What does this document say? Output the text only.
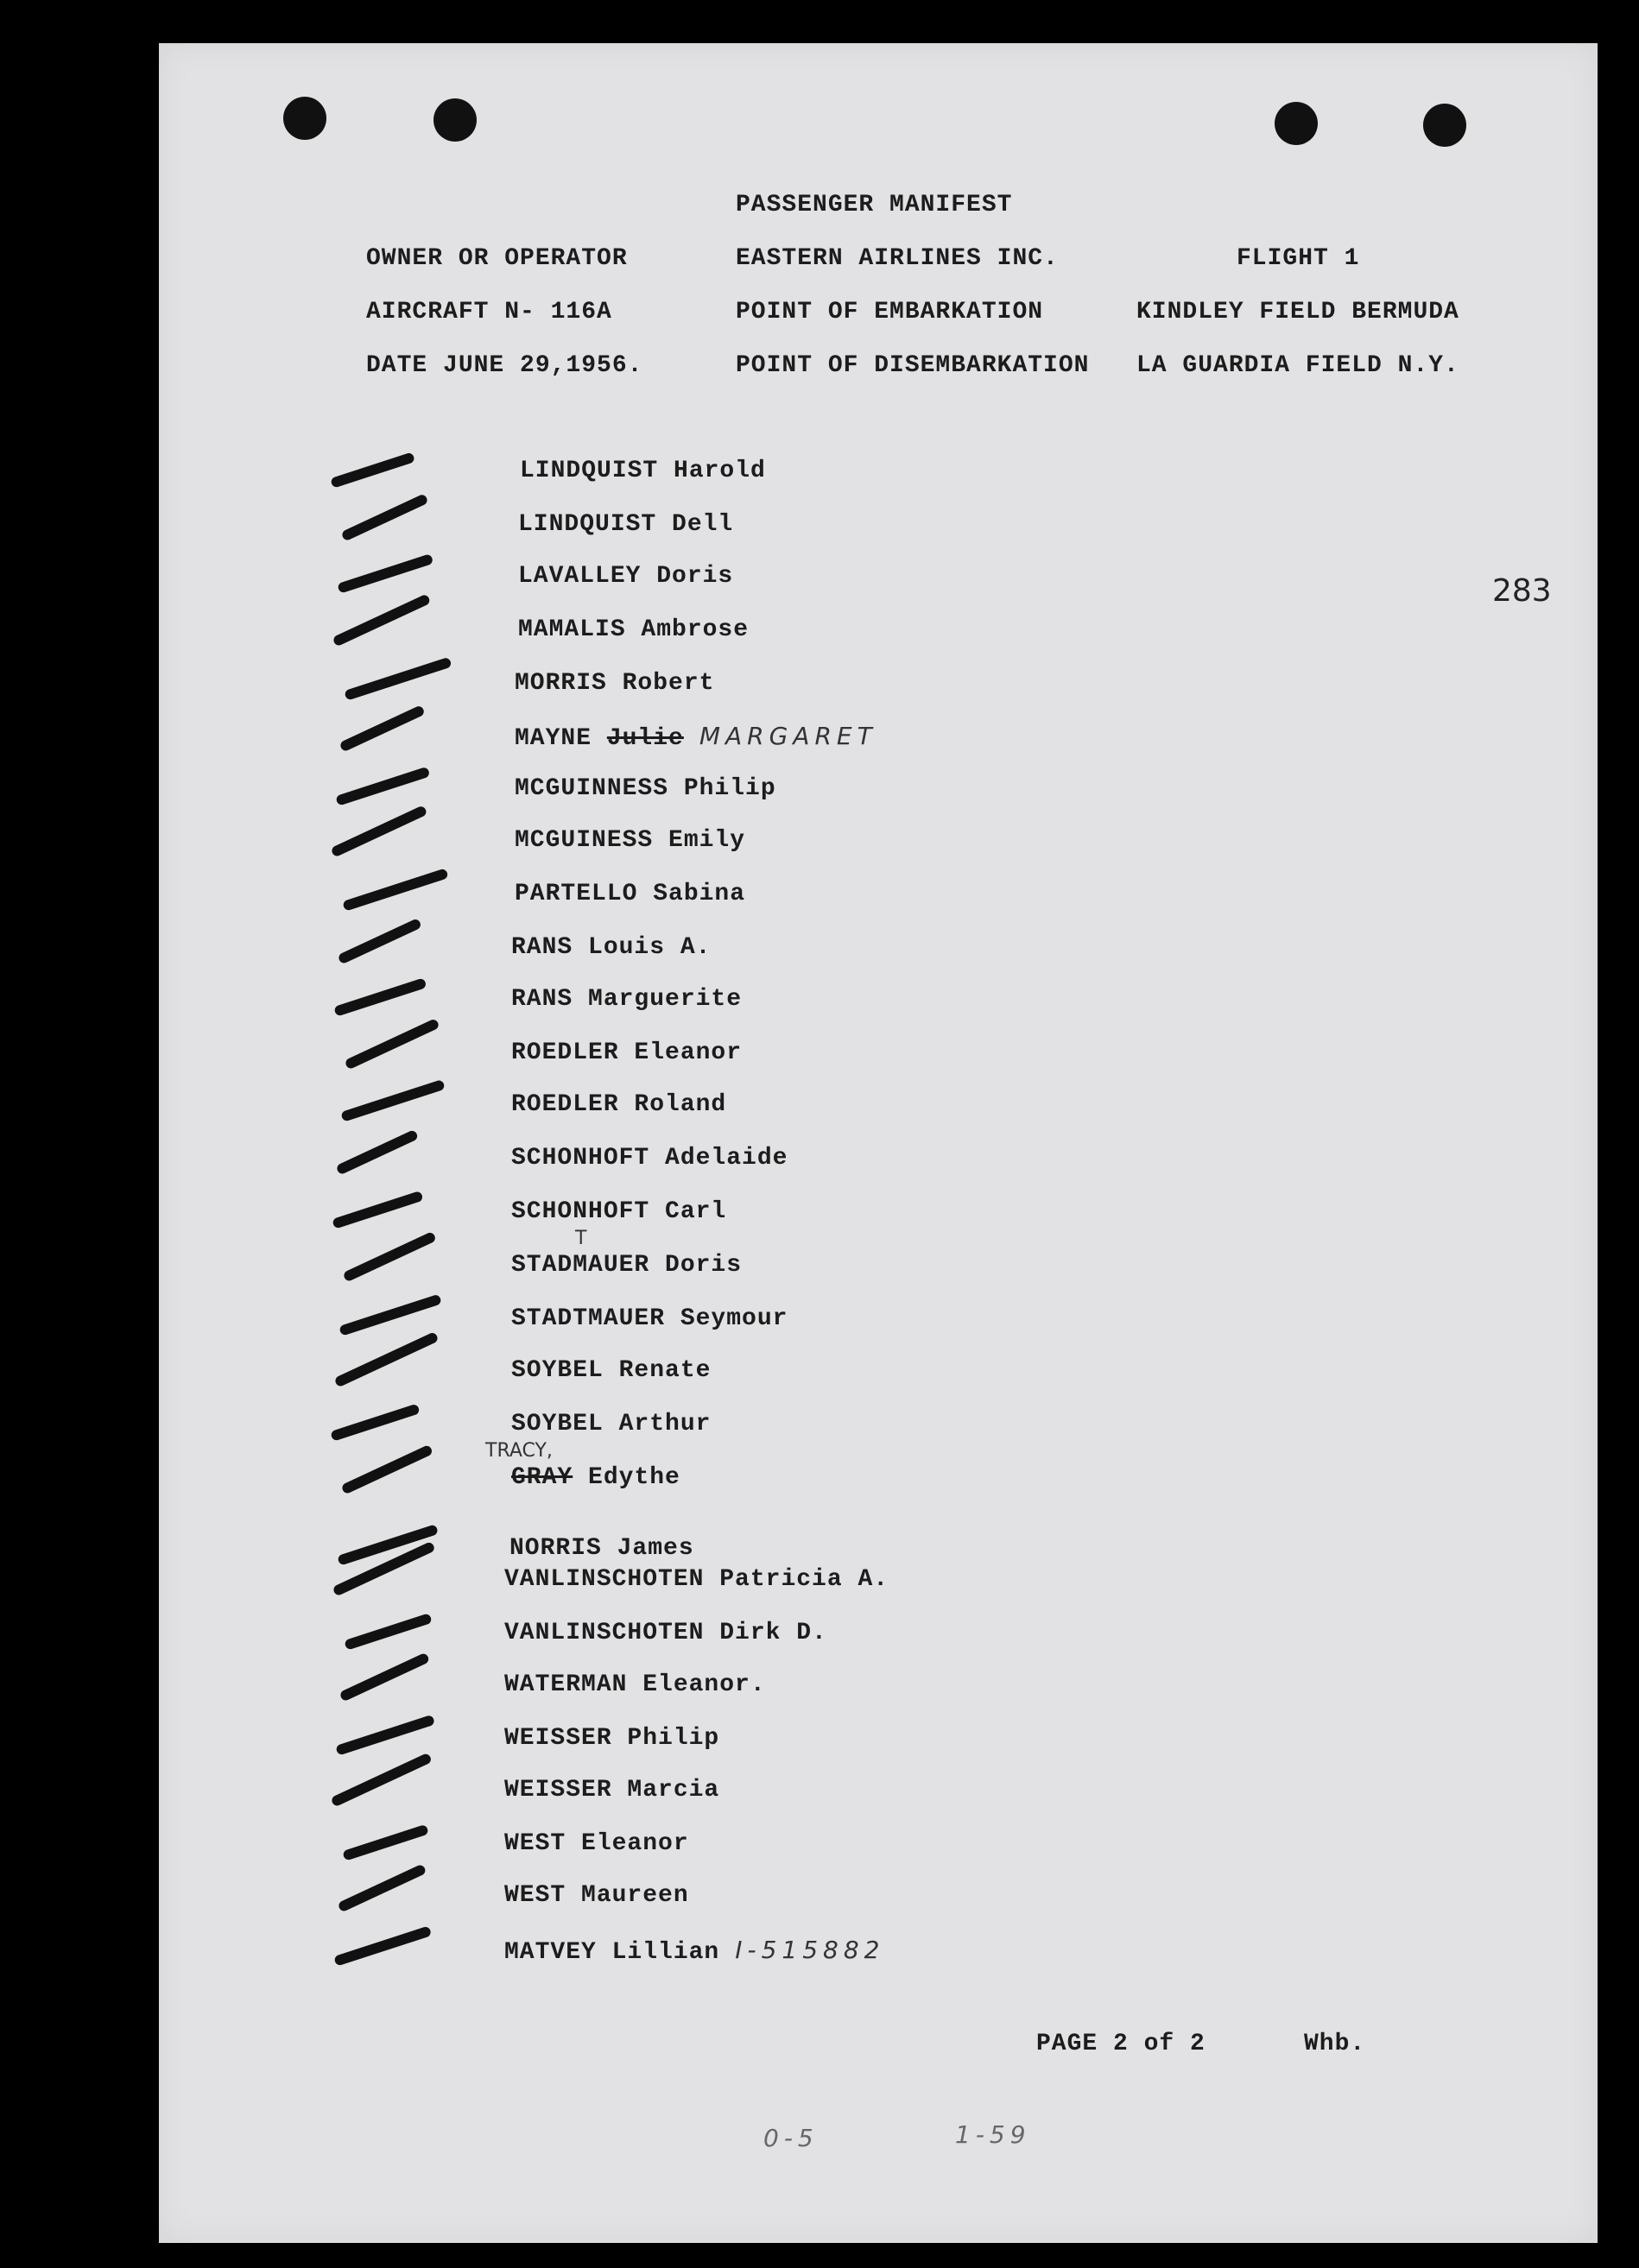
PASSENGER MANIFEST
OWNER OR OPERATOR	EASTERN AIRLINES INC.	FLIGHT 1
AIRCRAFT N- 116A	POINT OF EMBARKATION	KINDLEY FIELD BERMUDA
DATE JUNE 29,1956.	POINT OF DISEMBARKATION LA GUARDIA FIELD N.Y.
283
LINDQUIST Harold
LINDQUIST Dell
LAVALLEY Doris
MAMALIS Ambrose
MORRIS Robert
MAYNE Julie MARGARET
MCGUINNESS Philip
MCGUINESS Emily
PARTELLO Sabina
RANS Louis A.
RANS Marguerite
ROEDLER Eleanor
ROEDLER Roland
SCHONHOFT Adelaide
SCHONHOFT Carl
T
STADMAUER Doris
STADTMAUER Seymour
SOYBEL Renate
SOYBEL Arthur
TRACY,
GRAY Edythe
NORRIS James
VANLINSCHOTEN Patricia A.
VANLINSCHOTEN Dirk D.
WATERMAN Eleanor.
WEISSER Philip
WEISSER Marcia
WEST Eleanor
WEST Maureen
MATVEY Lillian I-515882
PAGE 2 of 2	Whb.
0-5	1-59
